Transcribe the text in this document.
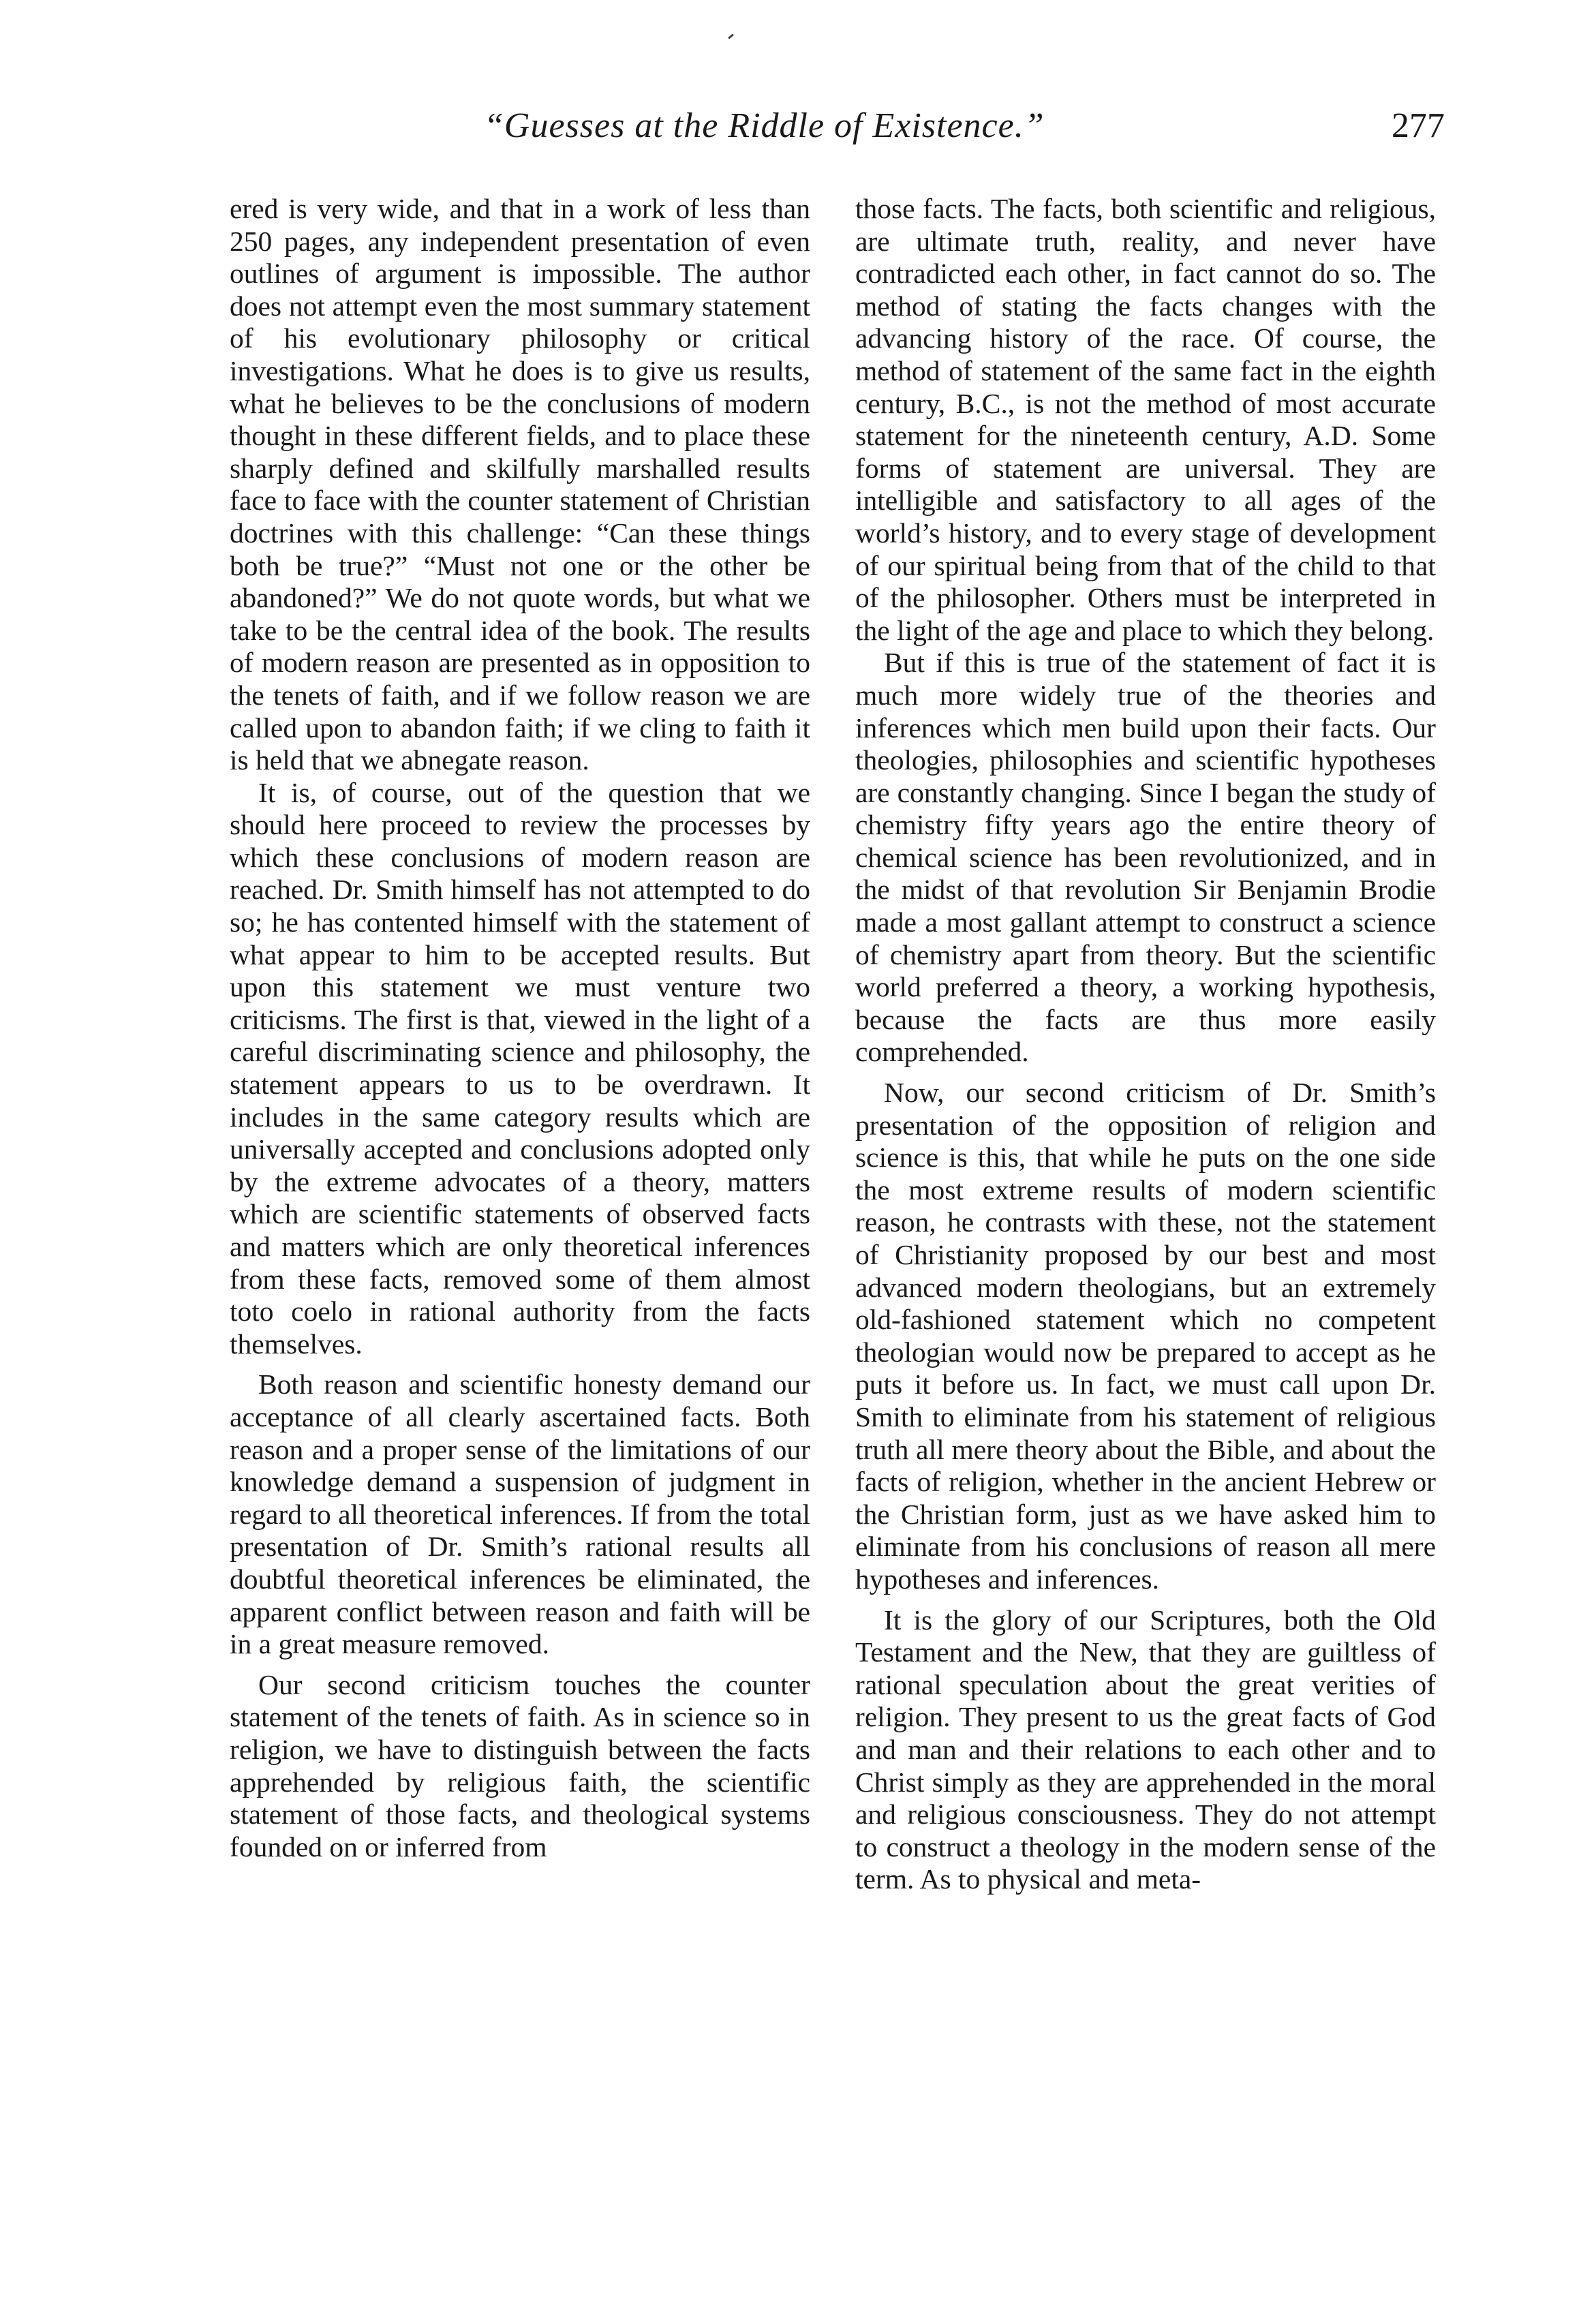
“Guesses at the Riddle of Existence.”	277

ered is very wide, and that in a work of less than 250 pages, any independent presentation of even outlines of argument is impossible. The author does not attempt even the most summary statement of his evolutionary philosophy or critical investigations. What he does is to give us results, what he believes to be the conclusions of modern thought in these different fields, and to place these sharply defined and skilfully marshalled results face to face with the counter statement of Christian doctrines with this challenge: “Can these things both be true?” “Must not one or the other be abandoned?” We do not quote words, but what we take to be the central idea of the book. The results of modern reason are presented as in opposition to the tenets of faith, and if we follow reason we are called upon to abandon faith; if we cling to faith it is held that we abnegate reason.

It is, of course, out of the question that we should here proceed to review the processes by which these conclusions of modern reason are reached. Dr. Smith himself has not attempted to do so; he has contented himself with the statement of what appear to him to be accepted results. But upon this statement we must venture two criticisms. The first is that, viewed in the light of a careful discriminating science and philosophy, the statement appears to us to be overdrawn. It includes in the same category results which are universally accepted and conclusions adopted only by the extreme advocates of a theory, matters which are scientific statements of observed facts and matters which are only theoretical inferences from these facts, removed some of them almost toto coelo in rational authority from the facts themselves.

Both reason and scientific honesty demand our acceptance of all clearly ascertained facts. Both reason and a proper sense of the limitations of our knowledge demand a suspension of judgment in regard to all theoretical inferences. If from the total presentation of Dr. Smith’s rational results all doubtful theoretical inferences be eliminated, the apparent conflict between reason and faith will be in a great measure removed.

Our second criticism touches the counter statement of the tenets of faith. As in science so in religion, we have to distinguish between the facts apprehended by religious faith, the scientific statement of those facts, and theological systems founded on or inferred from

those facts. The facts, both scientific and religious, are ultimate truth, reality, and never have contradicted each other, in fact cannot do so. The method of stating the facts changes with the advancing history of the race. Of course, the method of statement of the same fact in the eighth century, B.C., is not the method of most accurate statement for the nineteenth century, A.D. Some forms of statement are universal. They are intelligible and satisfactory to all ages of the world’s history, and to every stage of development of our spiritual being from that of the child to that of the philosopher. Others must be interpreted in the light of the age and place to which they belong.

But if this is true of the statement of fact it is much more widely true of the theories and inferences which men build upon their facts. Our theologies, philosophies and scientific hypotheses are constantly changing. Since I began the study of chemistry fifty years ago the entire theory of chemical science has been revolutionized, and in the midst of that revolution Sir Benjamin Brodie made a most gallant attempt to construct a science of chemistry apart from theory. But the scientific world preferred a theory, a working hypothesis, because the facts are thus more easily comprehended.

Now, our second criticism of Dr. Smith’s presentation of the opposition of religion and science is this, that while he puts on the one side the most extreme results of modern scientific reason, he contrasts with these, not the statement of Christianity proposed by our best and most advanced modern theologians, but an extremely old-fashioned statement which no competent theologian would now be prepared to accept as he puts it before us. In fact, we must call upon Dr. Smith to eliminate from his statement of religious truth all mere theory about the Bible, and about the facts of religion, whether in the ancient Hebrew or the Christian form, just as we have asked him to eliminate from his conclusions of reason all mere hypotheses and inferences.

It is the glory of our Scriptures, both the Old Testament and the New, that they are guiltless of rational speculation about the great verities of religion. They present to us the great facts of God and man and their relations to each other and to Christ simply as they are apprehended in the moral and religious consciousness. They do not attempt to construct a theology in the modern sense of the term. As to physical and meta-
